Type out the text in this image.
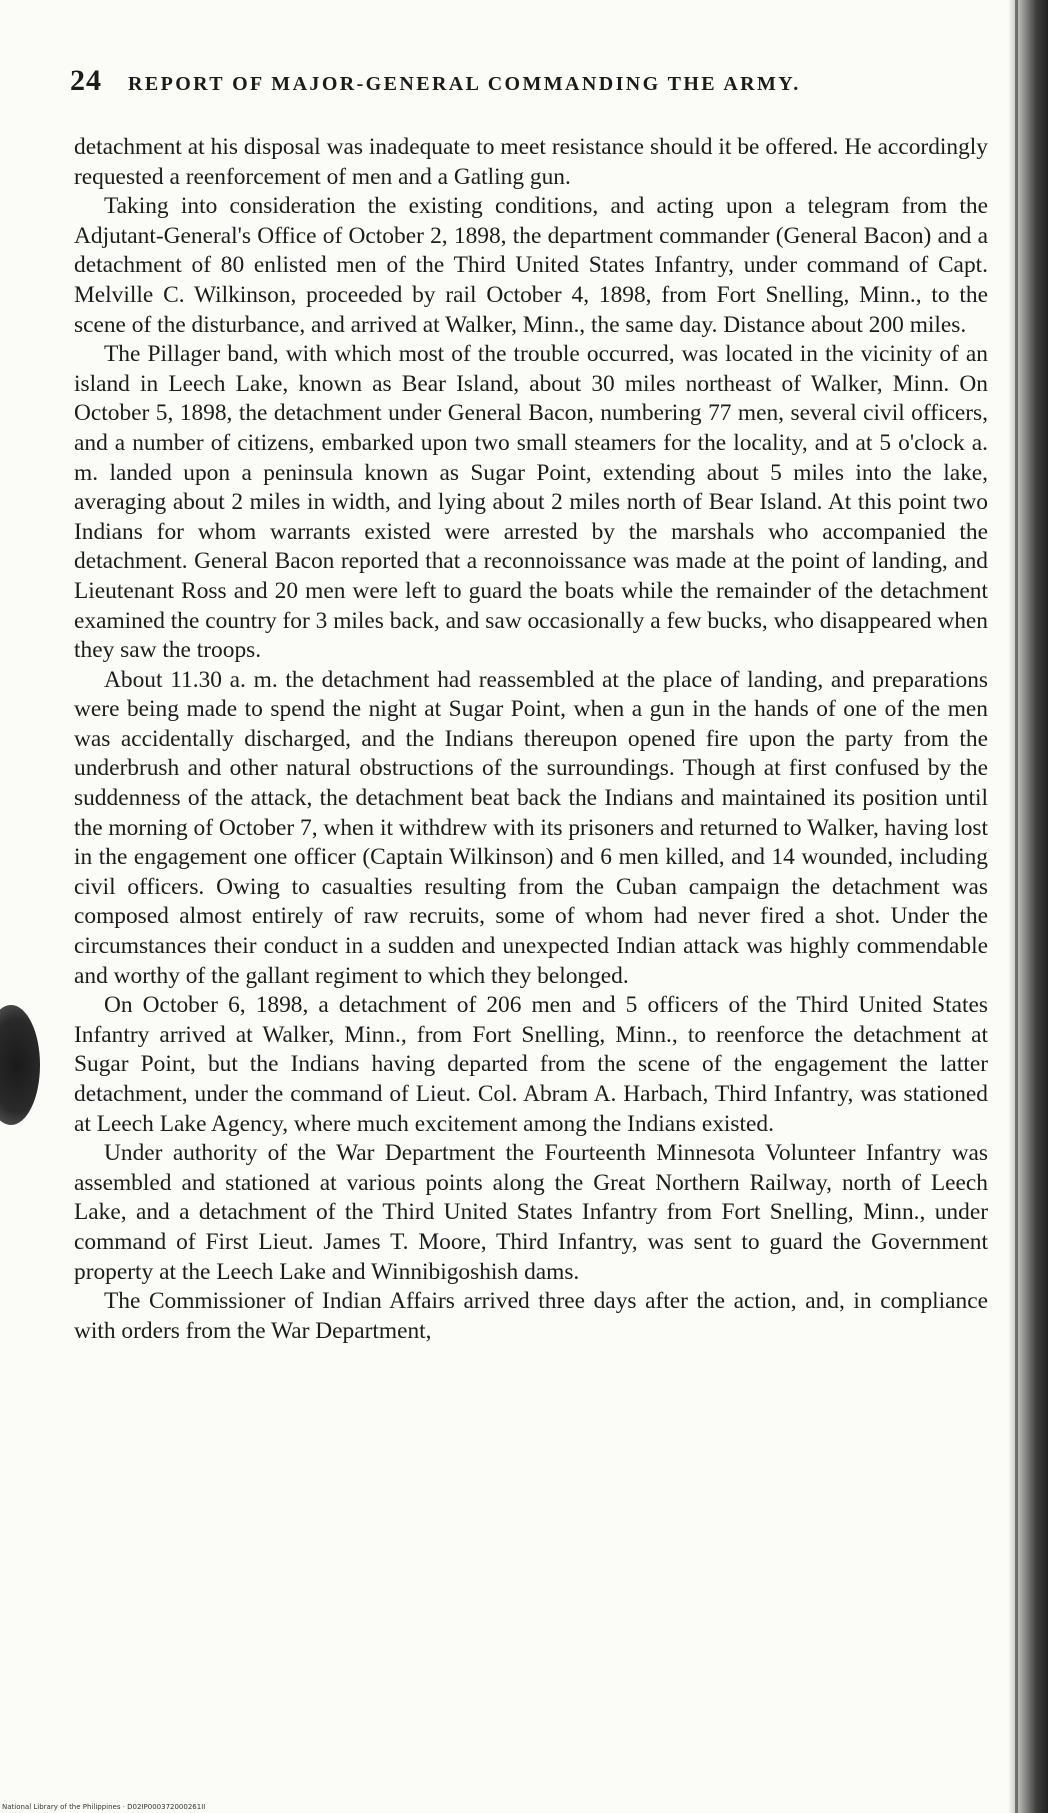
24 REPORT OF MAJOR-GENERAL COMMANDING THE ARMY.

detachment at his disposal was inadequate to meet resistance should it be offered. He accordingly requested a reenforcement of men and a Gatling gun.

Taking into consideration the existing conditions, and acting upon a telegram from the Adjutant-General's Office of October 2, 1898, the department commander (General Bacon) and a detachment of 80 enlisted men of the Third United States Infantry, under command of Capt. Melville C. Wilkinson, proceeded by rail October 4, 1898, from Fort Snelling, Minn., to the scene of the disturbance, and arrived at Walker, Minn., the same day. Distance about 200 miles.

The Pillager band, with which most of the trouble occurred, was located in the vicinity of an island in Leech Lake, known as Bear Island, about 30 miles northeast of Walker, Minn. On October 5, 1898, the detachment under General Bacon, numbering 77 men, several civil officers, and a number of citizens, embarked upon two small steamers for the locality, and at 5 o'clock a. m. landed upon a peninsula known as Sugar Point, extending about 5 miles into the lake, averaging about 2 miles in width, and lying about 2 miles north of Bear Island. At this point two Indians for whom warrants existed were arrested by the marshals who accompanied the detachment. General Bacon reported that a reconnoissance was made at the point of landing, and Lieutenant Ross and 20 men were left to guard the boats while the remainder of the detachment examined the country for 3 miles back, and saw occasionally a few bucks, who disappeared when they saw the troops.

About 11.30 a. m. the detachment had reassembled at the place of landing, and preparations were being made to spend the night at Sugar Point, when a gun in the hands of one of the men was accidentally discharged, and the Indians thereupon opened fire upon the party from the underbrush and other natural obstructions of the surroundings. Though at first confused by the suddenness of the attack, the detachment beat back the Indians and maintained its position until the morning of October 7, when it withdrew with its prisoners and returned to Walker, having lost in the engagement one officer (Captain Wilkinson) and 6 men killed, and 14 wounded, including civil officers. Owing to casualties resulting from the Cuban campaign the detachment was composed almost entirely of raw recruits, some of whom had never fired a shot. Under the circumstances their conduct in a sudden and unexpected Indian attack was highly commendable and worthy of the gallant regiment to which they belonged.

On October 6, 1898, a detachment of 206 men and 5 officers of the Third United States Infantry arrived at Walker, Minn., from Fort Snelling, Minn., to reenforce the detachment at Sugar Point, but the Indians having departed from the scene of the engagement the latter detachment, under the command of Lieut. Col. Abram A. Harbach, Third Infantry, was stationed at Leech Lake Agency, where much excitement among the Indians existed.

Under authority of the War Department the Fourteenth Minnesota Volunteer Infantry was assembled and stationed at various points along the Great Northern Railway, north of Leech Lake, and a detachment of the Third United States Infantry from Fort Snelling, Minn., under command of First Lieut. James T. Moore, Third Infantry, was sent to guard the Government property at the Leech Lake and Winnibigoshish dams.

The Commissioner of Indian Affairs arrived three days after the action, and, in compliance with orders from the War Department,

National Library of the Philippines · D02IP000372000261II
